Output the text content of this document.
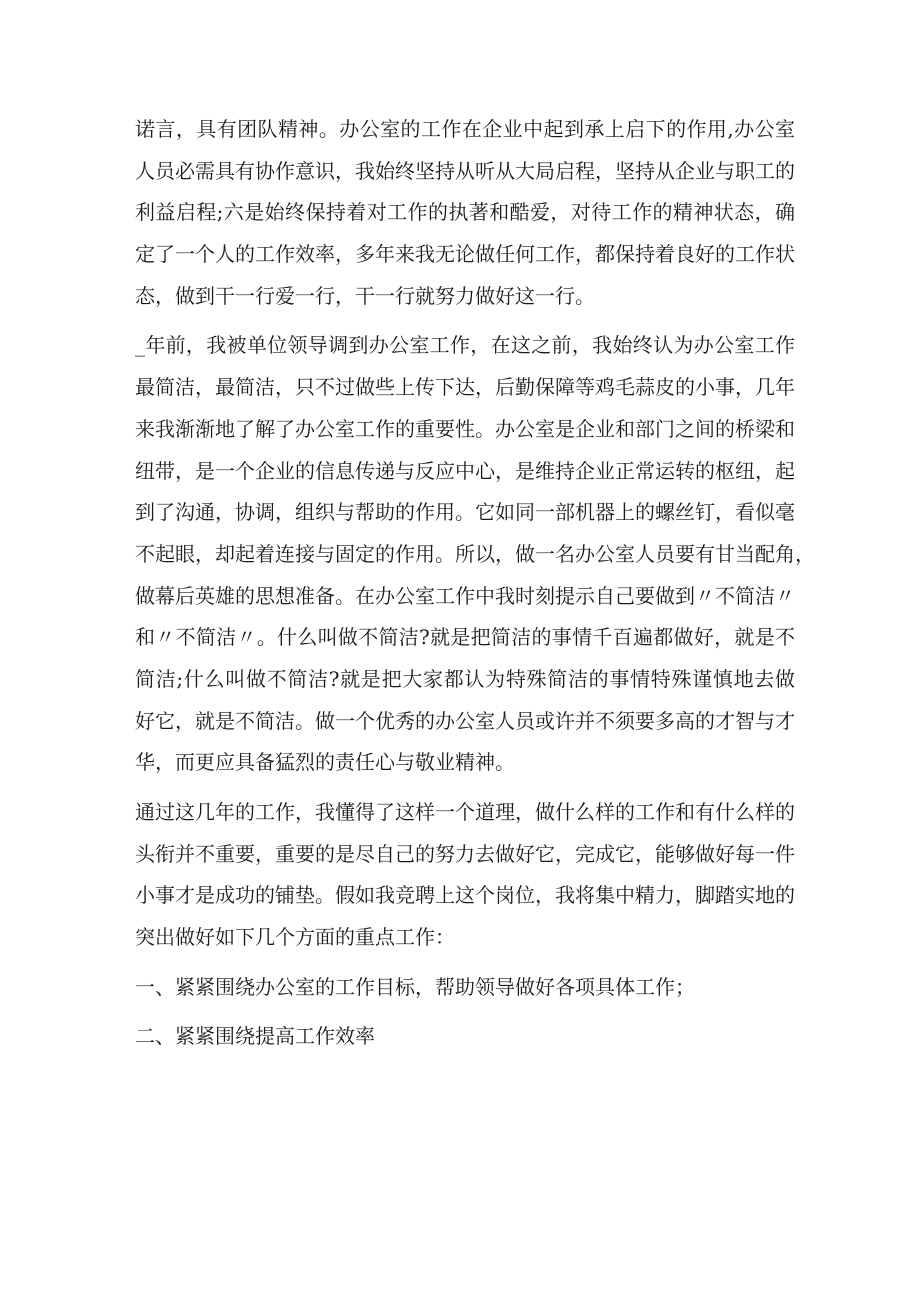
诺言，具有团队精神。办公室的工作在企业中起到承上启下的作用,办公室
人员必需具有协作意识，我始终坚持从听从大局启程，坚持从企业与职工的
利益启程;六是始终保持着对工作的执著和酷爱，对待工作的精神状态，确
定了一个人的工作效率，多年来我无论做任何工作，都保持着良好的工作状
态，做到干一行爱一行，干一行就努力做好这一行。
_年前，我被单位领导调到办公室工作，在这之前，我始终认为办公室工作
最简洁，最简洁，只不过做些上传下达，后勤保障等鸡毛蒜皮的小事，几年
来我渐渐地了解了办公室工作的重要性。办公室是企业和部门之间的桥梁和
纽带，是一个企业的信息传递与反应中心，是维持企业正常运转的枢纽，起
到了沟通，协调，组织与帮助的作用。它如同一部机器上的螺丝钉，看似毫
不起眼，却起着连接与固定的作用。所以，做一名办公室人员要有甘当配角，
做幕后英雄的思想准备。在办公室工作中我时刻提示自己要做到〃不简洁〃
和〃不简洁〃。什么叫做不简洁?就是把简洁的事情千百遍都做好，就是不
简洁;什么叫做不简洁?就是把大家都认为特殊简洁的事情特殊谨慎地去做
好它，就是不简洁。做一个优秀的办公室人员或许并不须要多高的才智与才
华，而更应具备猛烈的责任心与敬业精神。
通过这几年的工作，我懂得了这样一个道理，做什么样的工作和有什么样的
头衔并不重要，重要的是尽自己的努力去做好它，完成它，能够做好每一件
小事才是成功的铺垫。假如我竞聘上这个岗位，我将集中精力，脚踏实地的
突出做好如下几个方面的重点工作：
一、紧紧围绕办公室的工作目标，帮助领导做好各项具体工作；
二、紧紧围绕提高工作效率
